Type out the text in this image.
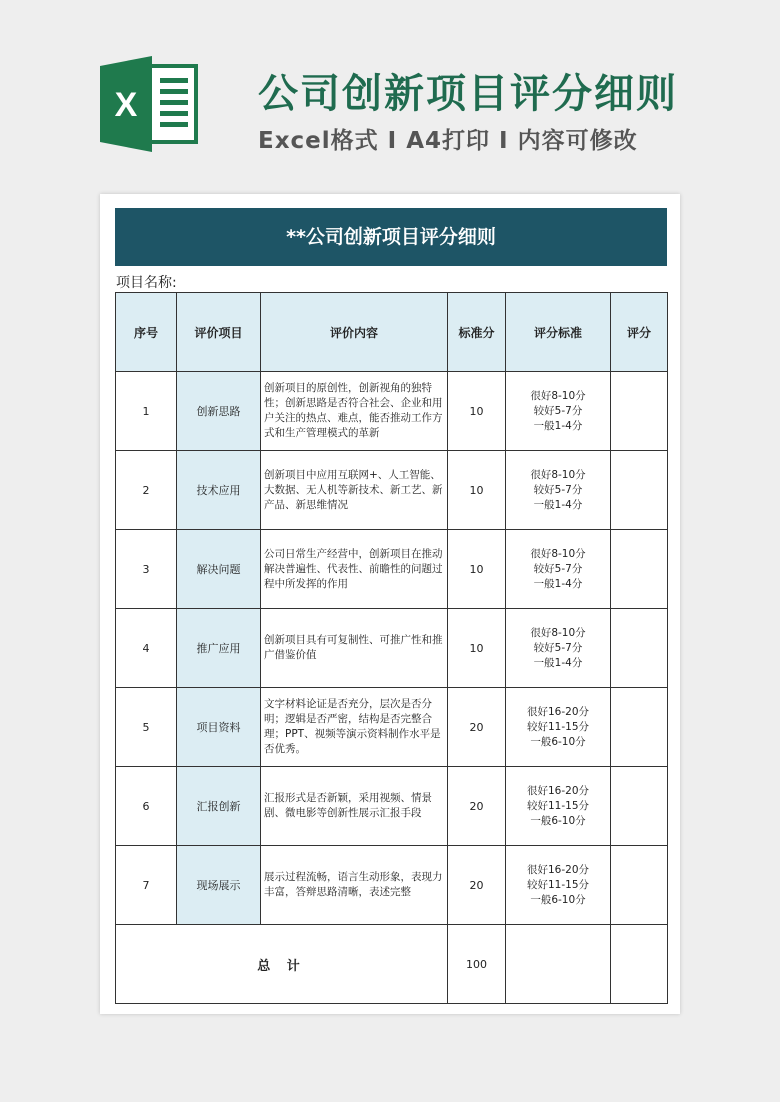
X	公司创新项目评分细则
Excel格式 I A4打印 I 内容可修改
**公司创新项目评分细则
项目名称:
序号	评价项目	评价内容	标准分	评分标准	评分
1	创新思路	创新项目的原创性，创新视角的独特性；创新思路是否符合社会、企业和用户关注的热点、难点，能否推动工作方式和生产管理模式的革新	10	很好8-10分
较好5-7分
一般1-4分	

2	技术应用	创新项目中应用互联网+、人工智能、大数据、无人机等新技术、新工艺、新产品、新思维情况	10	很好8-10分
较好5-7分
一般1-4分	

3	解决问题	公司日常生产经营中，创新项目在推动解决普遍性、代表性、前瞻性的问题过程中所发挥的作用	10	很好8-10分
较好5-7分
一般1-4分	

4	推广应用	创新项目具有可复制性、可推广性和推广借鉴价值	10	很好8-10分
较好5-7分
一般1-4分	

5	项目资料	文字材料论证是否充分，层次是否分明；逻辑是否严密，结构是否完整合理；PPT、视频等演示资料制作水平是否优秀。	20	很好16-20分
较好11-15分
一般6-10分	

6	汇报创新	汇报形式是否新颖，采用视频、情景剧、微电影等创新性展示汇报手段	20	很好16-20分
较好11-15分
一般6-10分	

7	现场展示	展示过程流畅，语言生动形象，表现力丰富，答辩思路清晰，表述完整	20	很好16-20分
较好11-15分
一般6-10分	

总 计			100		
